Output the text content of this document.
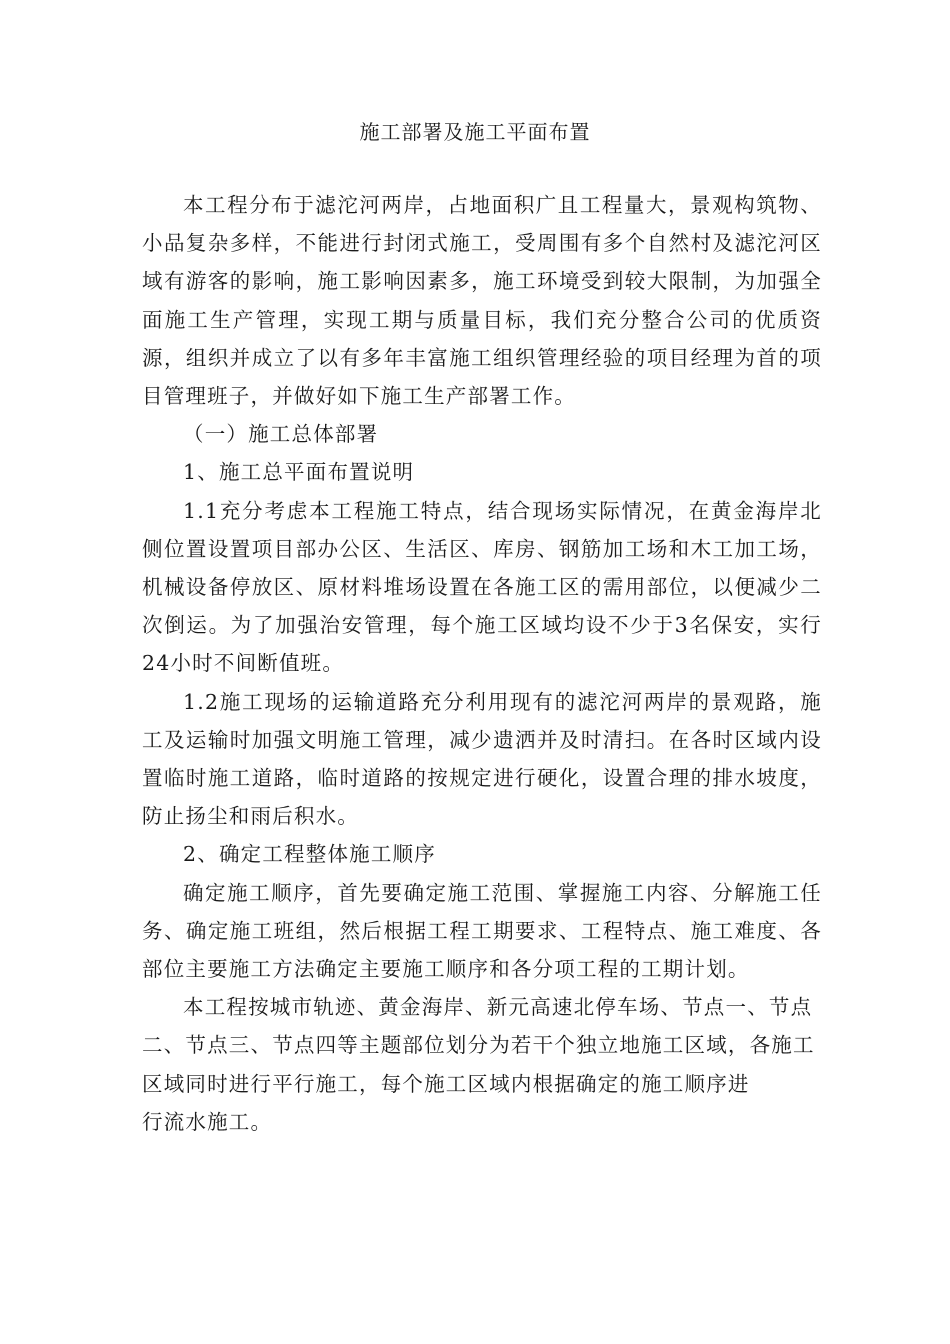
施工部署及施工平面布置

本工程分布于滤沱河两岸，占地面积广且工程量大，景观构筑物、小品复杂多样，不能进行封闭式施工，受周围有多个自然村及滤沱河区域有游客的影响，施工影响因素多，施工环境受到较大限制，为加强全面施工生产管理，实现工期与质量目标，我们充分整合公司的优质资源，组织并成立了以有多年丰富施工组织管理经验的项目经理为首的项目管理班子，并做好如下施工生产部署工作。

（一）施工总体部署

1、施工总平面布置说明

1.1充分考虑本工程施工特点，结合现场实际情况，在黄金海岸北侧位置设置项目部办公区、生活区、库房、钢筋加工场和木工加工场，机械设备停放区、原材料堆场设置在各施工区的需用部位，以便减少二次倒运。为了加强治安管理，每个施工区域均设不少于3名保安，实行24小时不间断值班。

1.2施工现场的运输道路充分利用现有的滤沱河两岸的景观路，施工及运输时加强文明施工管理，减少遗洒并及时清扫。在各时区域内设置临时施工道路，临时道路的按规定进行硬化，设置合理的排水坡度，防止扬尘和雨后积水。

2、确定工程整体施工顺序

确定施工顺序，首先要确定施工范围、掌握施工内容、分解施工任务、确定施工班组，然后根据工程工期要求、工程特点、施工难度、各部位主要施工方法确定主要施工顺序和各分项工程的工期计划。

本工程按城市轨迹、黄金海岸、新元高速北停车场、节点一、节点二、节点三、节点四等主题部位划分为若干个独立地施工区域，各施工区域同时进行平行施工，每个施工区域内根据确定的施工顺序进

行流水施工。
